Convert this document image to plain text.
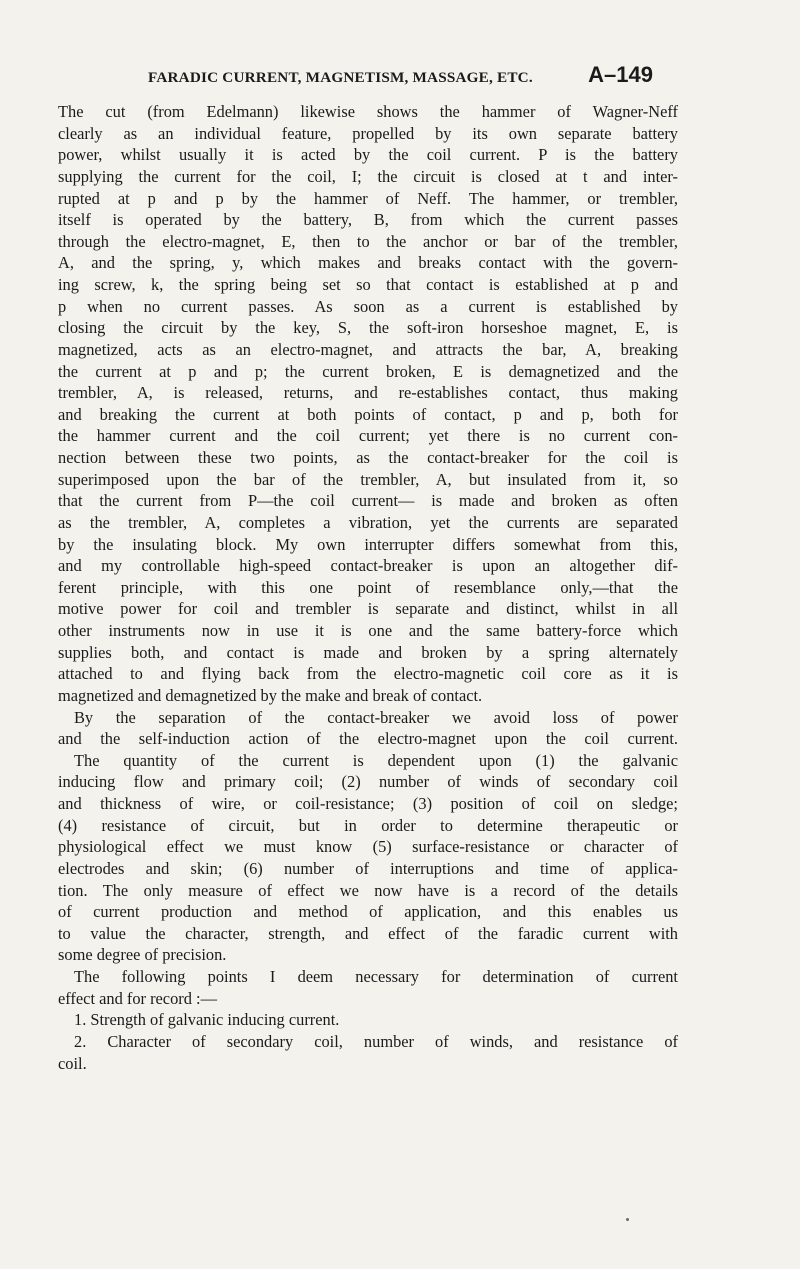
FARADIC CURRENT, MAGNETISM, MASSAGE, ETC.	A–149
The cut (from Edelmann) likewise shows the hammer of Wagner-Neff
clearly as an individual feature, propelled by its own separate battery
power, whilst usually it is acted by the coil current. P is the battery
supplying the current for the coil, I; the circuit is closed at t and inter-
rupted at p and p by the hammer of Neff. The hammer, or trembler,
itself is operated by the battery, B, from which the current passes
through the electro-magnet, E, then to the anchor or bar of the trembler,
A, and the spring, y, which makes and breaks contact with the govern-
ing screw, k, the spring being set so that contact is established at p and
p when no current passes. As soon as a current is established by
closing the circuit by the key, S, the soft-iron horseshoe magnet, E, is
magnetized, acts as an electro-magnet, and attracts the bar, A, breaking
the current at p and p; the current broken, E is demagnetized and the
trembler, A, is released, returns, and re-establishes contact, thus making
and breaking the current at both points of contact, p and p, both for
the hammer current and the coil current; yet there is no current con-
nection between these two points, as the contact-breaker for the coil is
superimposed upon the bar of the trembler, A, but insulated from it, so
that the current from P—the coil current— is made and broken as often
as the trembler, A, completes a vibration, yet the currents are separated
by the insulating block. My own interrupter differs somewhat from this,
and my controllable high-speed contact-breaker is upon an altogether dif-
ferent principle, with this one point of resemblance only,—that the
motive power for coil and trembler is separate and distinct, whilst in all
other instruments now in use it is one and the same battery-force which
supplies both, and contact is made and broken by a spring alternately
attached to and flying back from the electro-magnetic coil core as it is
magnetized and demagnetized by the make and break of contact.
By the separation of the contact-breaker we avoid loss of power
and the self-induction action of the electro-magnet upon the coil current.
The quantity of the current is dependent upon (1) the galvanic
inducing flow and primary coil; (2) number of winds of secondary coil
and thickness of wire, or coil-resistance; (3) position of coil on sledge;
(4) resistance of circuit, but in order to determine therapeutic or
physiological effect we must know (5) surface-resistance or character of
electrodes and skin; (6) number of interruptions and time of applica-
tion. The only measure of effect we now have is a record of the details
of current production and method of application, and this enables us
to value the character, strength, and effect of the faradic current with
some degree of precision.
The following points I deem necessary for determination of current
effect and for record :—
1. Strength of galvanic inducing current.
2. Character of secondary coil, number of winds, and resistance of
coil.
